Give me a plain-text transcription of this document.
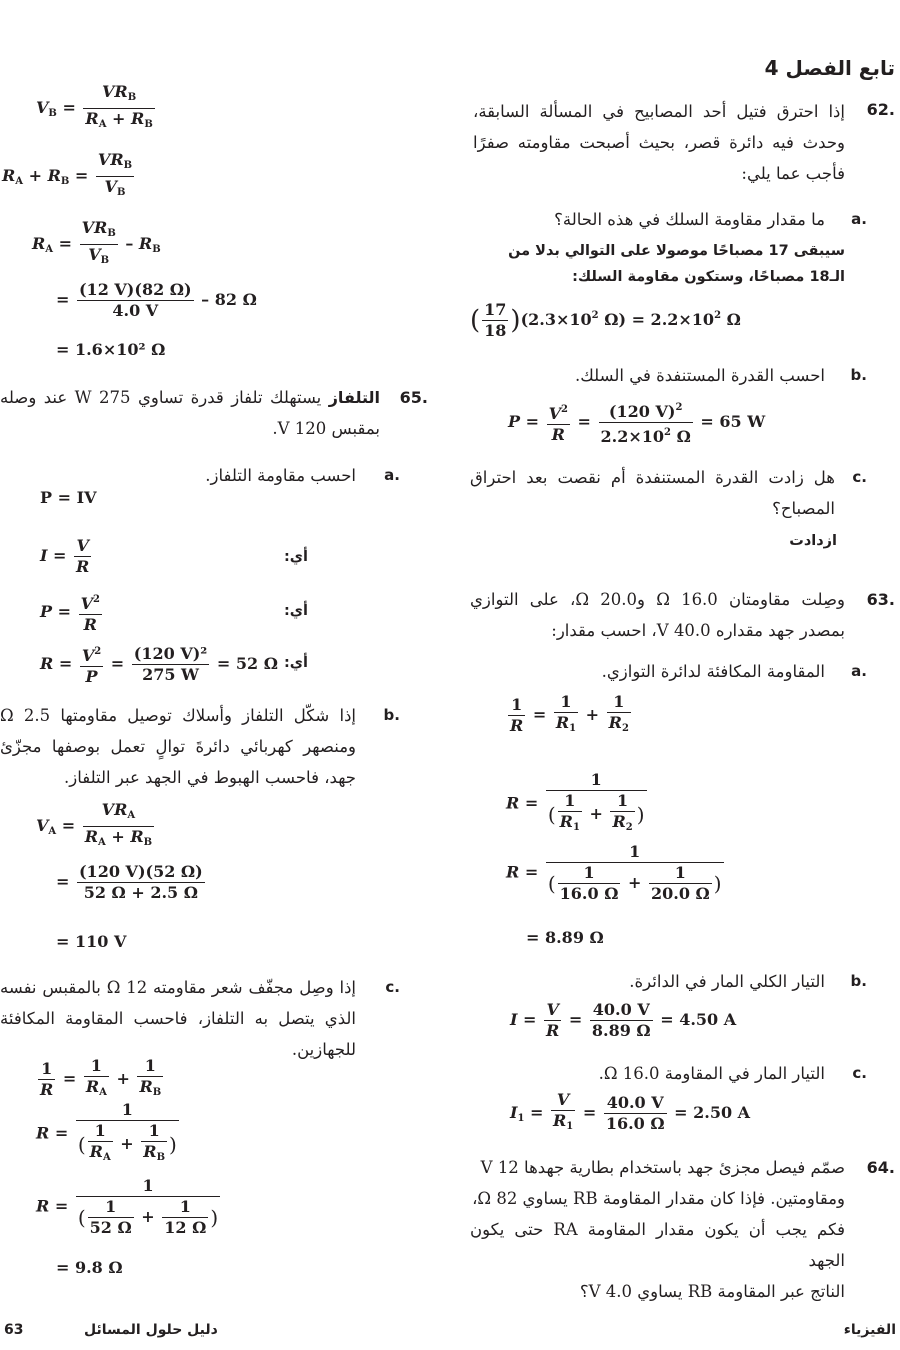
تابع الفصل 4
.62
إذا احترق فتيل أحد المصابيح في المسألة السابقة، وحدث فيه دائرة قصر، بحيث أصبحت مقاومته صفرًا فأجب عما يلي:
.a
ما مقدار مقاومة السلك في هذه الحالة؟
سيبقى 17 مصباحًا موصولا على التوالي بدلا من الـ18 مصباحًا، وستكون مقاومة السلك:
( $\frac{17}{18} )(2.3\times 10^2$ $\Omega) = 2.2\times 10^2$ Ω
.b
احسب القدرة المستنفدة في السلك.
$P = \frac{V^2}{R} = \frac{(120 V)^2}{2.2\times 10^2 \Omega} = 65$ W
.c
هل زادت القدرة المستنفدة أم نقصت بعد احتراق المصباح؟
ازدادت
.63
وصِلت مقاومتان Ω 16.0 و20.0 Ω، على التوازي بمصدر جهد مقداره 40.0 V، احسب مقدار:
.a
المقاومة المكافئة لدائرة التوازي.
$\frac{1}{R} = \frac{1}{R_1} + \frac{1}{R_2}$
$R = \frac{1}{( \frac{1}{R_1} + \frac{1}{R_2} )}$
$R = \frac{1}{( \frac{1}{16.0 \Omega} + \frac{1}{20.0 \Omega} )}$
= 8.89 Ω
.b
التيار الكلي المار في الدائرة.
$I = \frac{V}{R} = \frac{40.0 V}{8.89 \Omega} = 4.50$ A
.c
التيار المار في المقاومة Ω 16.0.
$I_1 = \frac{V}{R_1} = \frac{40.0 V}{16.0 \Omega} = 2.50$ A
.64
صمّم فيصل مجزئ جهد باستخدام بطارية جهدها 12 V
ومقاومتين. فإذا كان مقدار المقاومة RB يساوي Ω 82،
فكم يجب أن يكون مقدار المقاومة RA حتى يكون الجهد
الناتج عبر المقاومة RB يساوي 4.0 V؟
$V_B$ =
$VR_B$
$R_A + R_B$
$R_A + R_B$ =
$VR_B$
$V_B$
$R_A$ =
$VR_B$
$V_B$
– $R_B$
= $\frac{(12 V)(82 \Omega)}{4.0 V} - 82$ Ω
= 1.6×10² Ω
.65
التلفاز يستهلك تلفاز قدرة تساوي 275 W عند وصله بمقبس 120 V.
.a
احسب مقاومة التلفاز.
P = IV
$I = \frac{V}{R}$	أي:
$P = \frac{V^2}{R}$	أي:
$R = \frac{V^2}{P} = \frac{\text{(120 V)²}}{275 W} = 52$ Ω أي:
.b
إذا شكّل التلفاز وأسلاك توصيل مقاومتها Ω 2.5 ومنصهر كهربائي دائرةَ توالٍ تعمل بوصفها مجزّئ جهد، فاحسب الهبوط في الجهد عبر التلفاز.
$V_A$ =
$VR_A$
$R_A + R_B$
= $\frac{(120 V)(52 \Omega)}{52 \Omega + 2.5 \Omega}$
= 110 V
.c
إذا وصِل مجفّف شعر مقاومته Ω 12 بالمقبس نفسه الذي يتصل به التلفاز، فاحسب المقاومة المكافئة للجهازين.
$\frac{1}{R} = \frac{1}{R_A} + \frac{1}{R_B}$
$R = \frac{1}{( \frac{1}{R_A} + \frac{1}{R_B} )}$
$R = \frac{1}{( \frac{1}{52 \Omega} + \frac{1}{12 \Omega} )}$
= 9.8 Ω
الفيزياء
دليل حلول المسائل
63
